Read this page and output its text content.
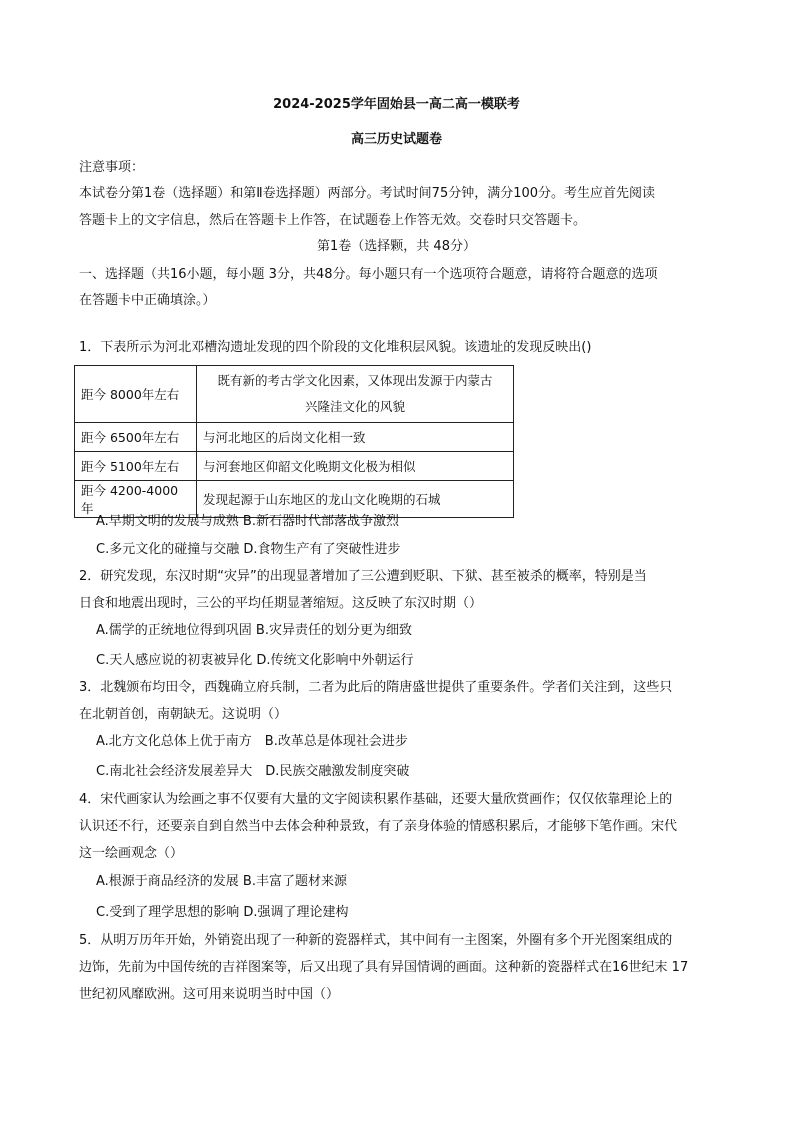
2024-2025学年固始县一高二高一模联考
高三历史试题卷
注意事项：
本试卷分第1卷（选择题）和第Ⅱ卷选择题）两部分。考试时间75分钟，满分100分。考生应首先阅读
答题卡上的文字信息，然后在答题卡上作答，在试题卷上作答无效。交卷时只交答题卡。
第1卷（选择颗，共 48分）
一、选择题（共16小题，每小题 3分，共48分。每小题只有一个选项符合题意，请将符合题意的选项
在答题卡中正确填涂。）
1．下表所示为河北邓槽沟遗址发现的四个阶段的文化堆积层风貌。该遗址的发现反映出()
距今 8000年左右	既有新的考古学文化因素，又体现出发源于内蒙古
兴隆洼文化的风貌

距今 6500年左右	与河北地区的后岗文化相一致
距今 5100年左右	与河套地区仰韶文化晚期文化极为相似
距今 4200-4000年	发现起源于山东地区的龙山文化晚期的石城
A.早期文明的发展与成熟 B.新石器时代部落战争激烈
C.多元文化的碰撞与交融 D.食物生产有了突破性进步
2．研究发现，东汉时期“灾异”的出现显著增加了三公遭到贬职、下狱、甚至被杀的概率，特别是当
日食和地震出现时，三公的平均任期显著缩短。这反映了东汉时期（）
A.儒学的正统地位得到巩固 B.灾异责任的划分更为细致
C.天人感应说的初衷被异化 D.传统文化影响中外朝运行
3．北魏颁布均田令，西魏确立府兵制，二者为此后的隋唐盛世提供了重要条件。学者们关注到，这些只
在北朝首创，南朝缺无。这说明（）
A.北方文化总体上优于南方　B.改革总是体现社会进步
C.南北社会经济发展差异大　D.民族交融激发制度突破
4．宋代画家认为绘画之事不仅要有大量的文字阅读积累作基础，还要大量欣赏画作；仅仅依靠理论上的
认识还不行，还要亲自到自然当中去体会种种景致，有了亲身体验的情感积累后，才能够下笔作画。宋代
这一绘画观念（）
A.根源于商品经济的发展 B.丰富了题材来源
C.受到了理学思想的影响 D.强调了理论建构
5．从明万历年开始，外销瓷出现了一种新的瓷器样式，其中间有一主图案，外圈有多个开光图案组成的
边饰，先前为中国传统的吉祥图案等，后又出现了具有异国情调的画面。这种新的瓷器样式在16世纪末 17
世纪初风靡欧洲。这可用来说明当时中国（）
